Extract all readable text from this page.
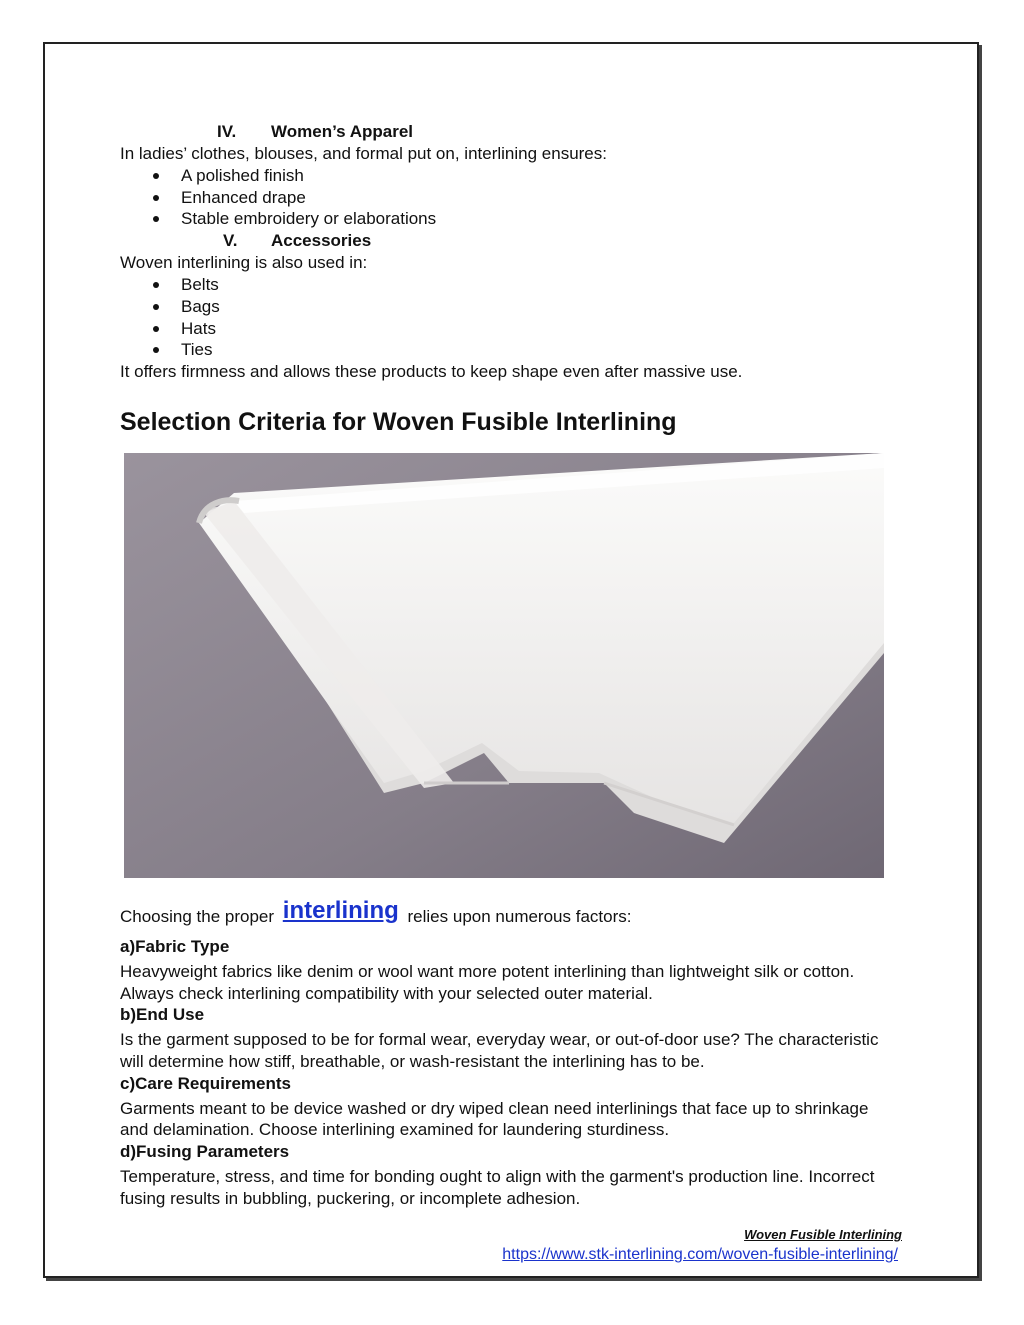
IV. Women’s Apparel
In ladies’ clothes, blouses, and formal put on, interlining ensures:
A polished finish
Enhanced drape
Stable embroidery or elaborations
V. Accessories
Woven interlining is also used in:
Belts
Bags
Hats
Ties
It offers firmness and allows these products to keep shape even after massive use.
Selection Criteria for Woven Fusible Interlining
Choosing the proper interlining relies upon numerous factors:
a)Fabric Type
Heavyweight fabrics like denim or wool want more potent interlining than lightweight silk or cotton. Always check interlining compatibility with your selected outer material.
b)End Use
Is the garment supposed to be for formal wear, everyday wear, or out-of-door use? The characteristic will determine how stiff, breathable, or wash-resistant the interlining has to be.
c)Care Requirements
Garments meant to be device washed or dry wiped clean need interlinings that face up to shrinkage and delamination. Choose interlining examined for laundering sturdiness.
d)Fusing Parameters
Temperature, stress, and time for bonding ought to align with the garment's production line. Incorrect fusing results in bubbling, puckering, or incomplete adhesion.
Woven Fusible Interlining
https://www.stk-interlining.com/woven-fusible-interlining/
